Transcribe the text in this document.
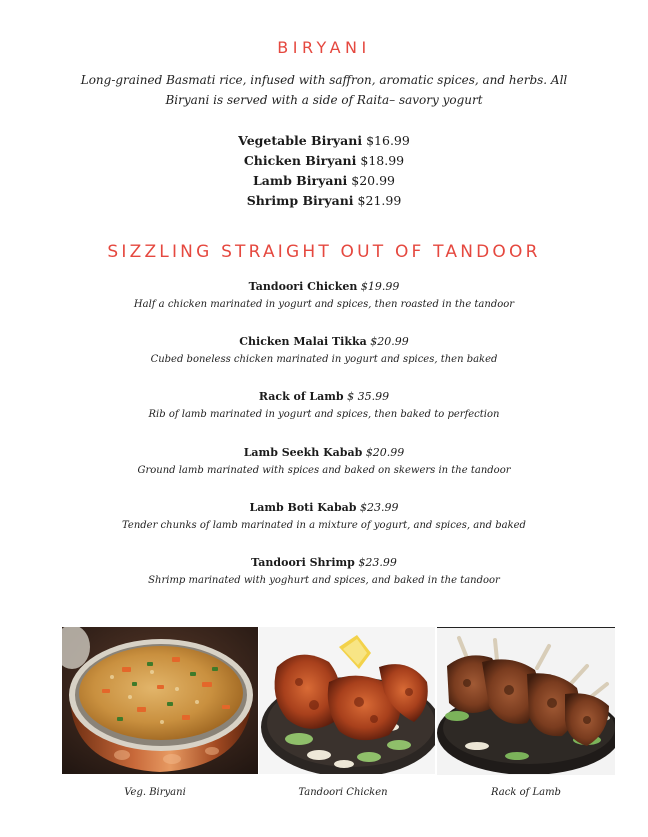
BIRYANI
Long-grained Basmati rice, infused with saffron, aromatic spices, and herbs. All Biryani is served with a side of Raita– savory yogurt
Vegetable Biryani $16.99
Chicken Biryani $18.99
Lamb Biryani $20.99
Shrimp Biryani $21.99
SIZZLING STRAIGHT OUT OF TANDOOR
Tandoori Chicken $19.99
Half a chicken marinated in yogurt and spices, then roasted in the tandoor
Chicken Malai Tikka $20.99
Cubed boneless chicken marinated in yogurt and spices, then baked
Rack of Lamb $ 35.99
Rib of lamb marinated in yogurt and spices, then baked to perfection
Lamb Seekh Kabab $20.99
Ground lamb marinated with spices and baked on skewers in the tandoor
Lamb Boti Kabab $23.99
Tender chunks of lamb marinated in a mixture of yogurt, and spices, and baked
Tandoori Shrimp $23.99
Shrimp marinated with yoghurt and spices, and baked in the tandoor
Veg. Biryani	Tandoori Chicken	Rack of Lamb
